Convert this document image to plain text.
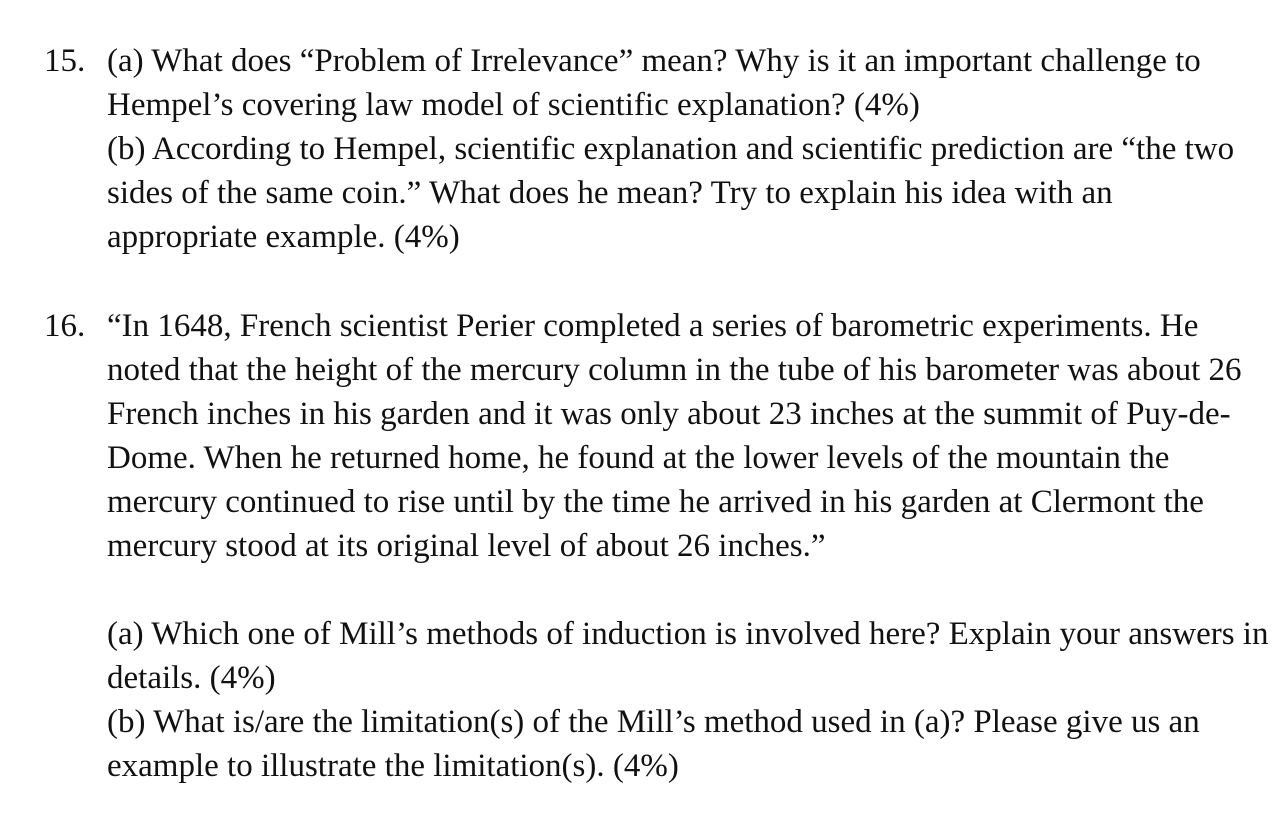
15. (a) What does “Problem of Irrelevance” mean? Why is it an important challenge to Hempel’s covering law model of scientific explanation? (4%)

(b) According to Hempel, scientific explanation and scientific prediction are “the two sides of the same coin.” What does he mean? Try to explain his idea with an appropriate example. (4%)

16. “In 1648, French scientist Perier completed a series of barometric experiments. He noted that the height of the mercury column in the tube of his barometer was about 26 French inches in his garden and it was only about 23 inches at the summit of Puy-de-Dome. When he returned home, he found at the lower levels of the mountain the mercury continued to rise until by the time he arrived in his garden at Clermont the mercury stood at its original level of about 26 inches.”

(a) Which one of Mill’s methods of induction is involved here? Explain your answers in details. (4%)

(b) What is/are the limitation(s) of the Mill’s method used in (a)? Please give us an example to illustrate the limitation(s). (4%)
